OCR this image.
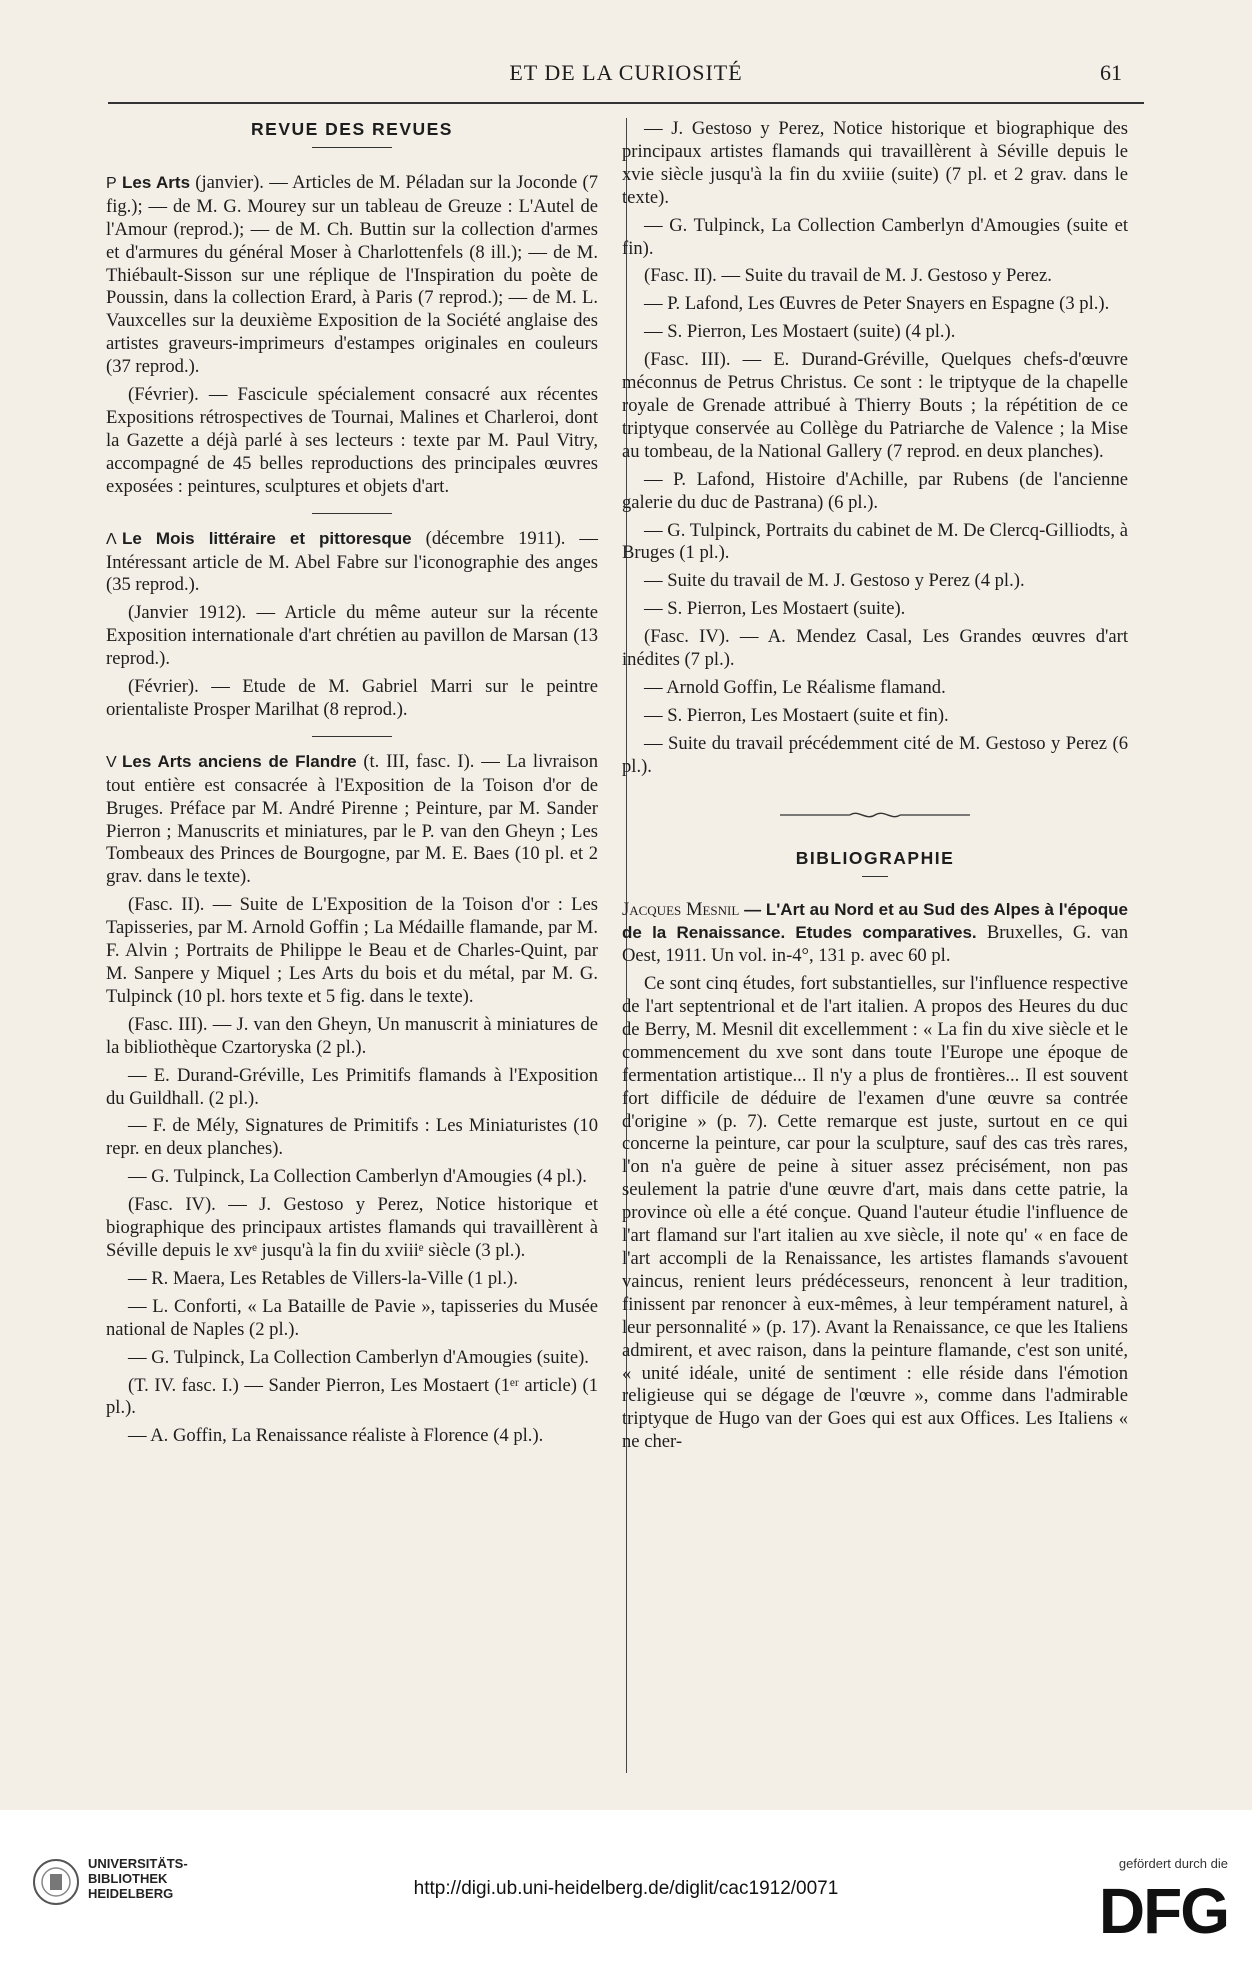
ET DE LA CURIOSITÉ	61
REVUE DES REVUES

P Les Arts (janvier). — Articles de M. Péladan sur la Joconde (7 fig.); — de M. G. Mourey sur un tableau de Greuze : L'Autel de l'Amour (reprod.); — de M. Ch. Buttin sur la collection d'armes et d'armures du général Moser à Charlottenfels (8 ill.); — de M. Thiébault-Sisson sur une réplique de l'Inspiration du poète de Poussin, dans la collection Erard, à Paris (7 reprod.); — de M. L. Vauxcelles sur la deuxième Exposition de la Société anglaise des artistes graveurs-imprimeurs d'estampes originales en couleurs (37 reprod.).

(Février). — Fascicule spécialement consacré aux récentes Expositions rétrospectives de Tournai, Malines et Charleroi, dont la Gazette a déjà parlé à ses lecteurs : texte par M. Paul Vitry, accompagné de 45 belles reproductions des principales œuvres exposées : peintures, sculptures et objets d'art.

Λ Le Mois littéraire et pittoresque (décembre 1911). — Intéressant article de M. Abel Fabre sur l'iconographie des anges (35 reprod.).

(Janvier 1912). — Article du même auteur sur la récente Exposition internationale d'art chrétien au pavillon de Marsan (13 reprod.).

(Février). — Etude de M. Gabriel Marri sur le peintre orientaliste Prosper Marilhat (8 reprod.).

V Les Arts anciens de Flandre (t. III, fasc. I). — La livraison tout entière est consacrée à l'Exposition de la Toison d'or de Bruges. Préface par M. André Pirenne ; Peinture, par M. Sander Pierron ; Manuscrits et miniatures, par le P. van den Gheyn ; Les Tombeaux des Princes de Bourgogne, par M. E. Baes (10 pl. et 2 grav. dans le texte).

(Fasc. II). — Suite de L'Exposition de la Toison d'or : Les Tapisseries, par M. Arnold Goffin ; La Médaille flamande, par M. F. Alvin ; Portraits de Philippe le Beau et de Charles-Quint, par M. Sanpere y Miquel ; Les Arts du bois et du métal, par M. G. Tulpinck (10 pl. hors texte et 5 fig. dans le texte).

(Fasc. III). — J. van den Gheyn, Un manuscrit à miniatures de la bibliothèque Czartoryska (2 pl.).

— E. Durand-Gréville, Les Primitifs flamands à l'Exposition du Guildhall. (2 pl.).

— F. de Mély, Signatures de Primitifs : Les Miniaturistes (10 repr. en deux planches).

— G. Tulpinck, La Collection Camberlyn d'Amougies (4 pl.).

(Fasc. IV). — J. Gestoso y Perez, Notice historique et biographique des principaux artistes flamands qui travaillèrent à Séville depuis le xvᵉ jusqu'à la fin du xviiiᵉ siècle (3 pl.).

— R. Maera, Les Retables de Villers-la-Ville (1 pl.).

— L. Conforti, « La Bataille de Pavie », tapisseries du Musée national de Naples (2 pl.).

— G. Tulpinck, La Collection Camberlyn d'Amougies (suite).

(T. IV. fasc. I.) — Sander Pierron, Les Mostaert (1ᵉʳ article) (1 pl.).

— A. Goffin, La Renaissance réaliste à Florence (4 pl.).

— J. Gestoso y Perez, Notice historique et biographique des principaux artistes flamands qui travaillèrent à Séville depuis le xvie siècle jusqu'à la fin du xviiie (suite) (7 pl. et 2 grav. dans le texte).

— G. Tulpinck, La Collection Camberlyn d'Amougies (suite et fin).

(Fasc. II). — Suite du travail de M. J. Gestoso y Perez.

— P. Lafond, Les Œuvres de Peter Snayers en Espagne (3 pl.).

— S. Pierron, Les Mostaert (suite) (4 pl.).

(Fasc. III). — E. Durand-Gréville, Quelques chefs-d'œuvre méconnus de Petrus Christus. Ce sont : le triptyque de la chapelle royale de Grenade attribué à Thierry Bouts ; la répétition de ce triptyque conservée au Collège du Patriarche de Valence ; la Mise au tombeau, de la National Gallery (7 reprod. en deux planches).

— P. Lafond, Histoire d'Achille, par Rubens (de l'ancienne galerie du duc de Pastrana) (6 pl.).

— G. Tulpinck, Portraits du cabinet de M. De Clercq-Gilliodts, à Bruges (1 pl.).

— Suite du travail de M. J. Gestoso y Perez (4 pl.).

— S. Pierron, Les Mostaert (suite).

(Fasc. IV). — A. Mendez Casal, Les Grandes œuvres d'art inédites (7 pl.).

— Arnold Goffin, Le Réalisme flamand.

— S. Pierron, Les Mostaert (suite et fin).

— Suite du travail précédemment cité de M. Gestoso y Perez (6 pl.).

BIBLIOGRAPHIE

Jacques Mesnil — L'Art au Nord et au Sud des Alpes à l'époque de la Renaissance. Etudes comparatives. Bruxelles, G. van Oest, 1911. Un vol. in-4°, 131 p. avec 60 pl.

Ce sont cinq études, fort substantielles, sur l'influence respective de l'art septentrional et de l'art italien. A propos des Heures du duc de Berry, M. Mesnil dit excellemment : « La fin du xive siècle et le commencement du xve sont dans toute l'Europe une époque de fermentation artistique... Il n'y a plus de frontières... Il est souvent fort difficile de déduire de l'examen d'une œuvre sa contrée d'origine » (p. 7). Cette remarque est juste, surtout en ce qui concerne la peinture, car pour la sculpture, sauf des cas très rares, l'on n'a guère de peine à situer assez précisément, non pas seulement la patrie d'une œuvre d'art, mais dans cette patrie, la province où elle a été conçue. Quand l'auteur étudie l'influence de l'art flamand sur l'art italien au xve siècle, il note qu' « en face de l'art accompli de la Renaissance, les artistes flamands s'avouent vaincus, renient leurs prédécesseurs, renoncent à leur tradition, finissent par renoncer à eux-mêmes, à leur tempérament naturel, à leur personnalité » (p. 17). Avant la Renaissance, ce que les Italiens admirent, et avec raison, dans la peinture flamande, c'est son unité, « unité idéale, unité de sentiment : elle réside dans l'émotion religieuse qui se dégage de l'œuvre », comme dans l'admirable triptyque de Hugo van der Goes qui est aux Offices. Les Italiens « ne cher-

UNIVERSITÄTS-
BIBLIOTHEK
HEIDELBERG	http://digi.ub.uni-heidelberg.de/diglit/cac1912/0071
gefördert durch die
DFG
